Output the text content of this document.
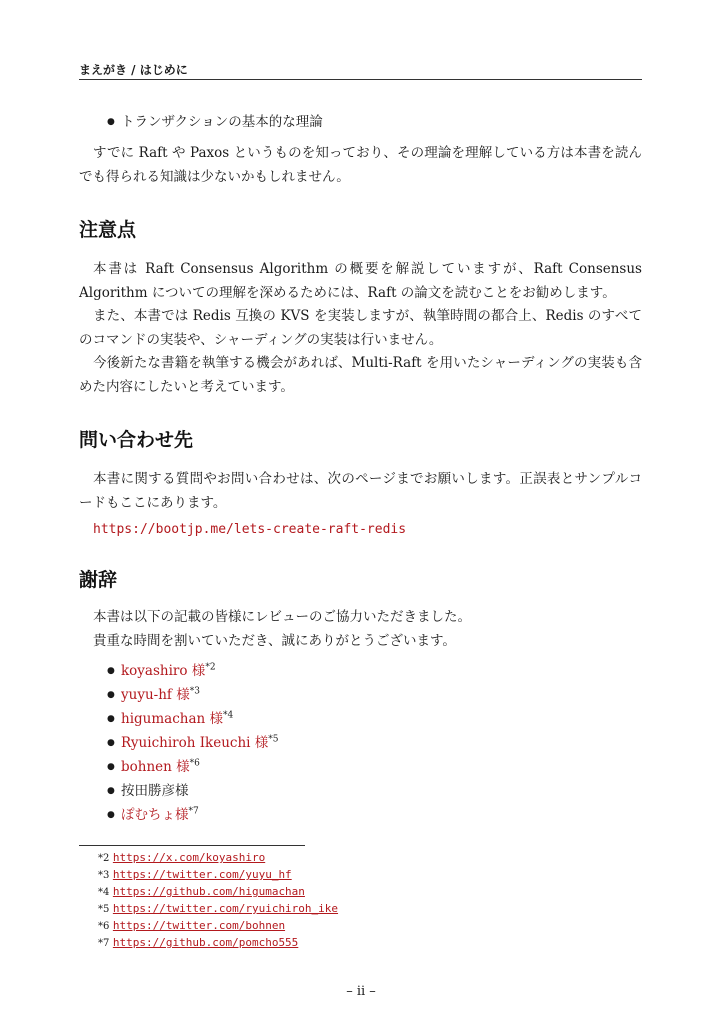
まえがき / はじめに
● トランザクションの基本的な理論

すでに Raft や Paxos というものを知っており、その理論を理解している方は本書を読んでも得られる知識は少ないかもしれません。

注意点

本書は Raft Consensus Algorithm の概要を解説していますが、Raft Consensus Algorithm についての理解を深めるためには、Raft の論文を読むことをお勧めします。

また、本書では Redis 互換の KVS を実装しますが、執筆時間の都合上、Redis のすべてのコマンドの実装や、シャーディングの実装は行いません。

今後新たな書籍を執筆する機会があれば、Multi-Raft を用いたシャーディングの実装も含めた内容にしたいと考えています。

問い合わせ先

本書に関する質問やお問い合わせは、次のページまでお願いします。正誤表とサンプルコードもここにあります。

https://bootjp.me/lets-create-raft-redis
謝辞

本書は以下の記載の皆様にレビューのご協力いただきました。

貴重な時間を割いていただき、誠にありがとうございます。

● koyashiro 様$^{*2}$
● yuyu-hf 様$^{*3}$
● higumachan 様$^{*4}$
● Ryuichiroh Ikeuchi 様$^{*5}$
● bohnen 様$^{*6}$
● 按田勝彦様
● ぽむちょ様$^{*7}$
*2 https://x.com/koyashiro
*3 https://twitter.com/yuyu_hf
*4 https://github.com/higumachan
*5 https://twitter.com/ryuichiroh_ike
*6 https://twitter.com/bohnen
*7 https://github.com/pomcho555
– ii –
